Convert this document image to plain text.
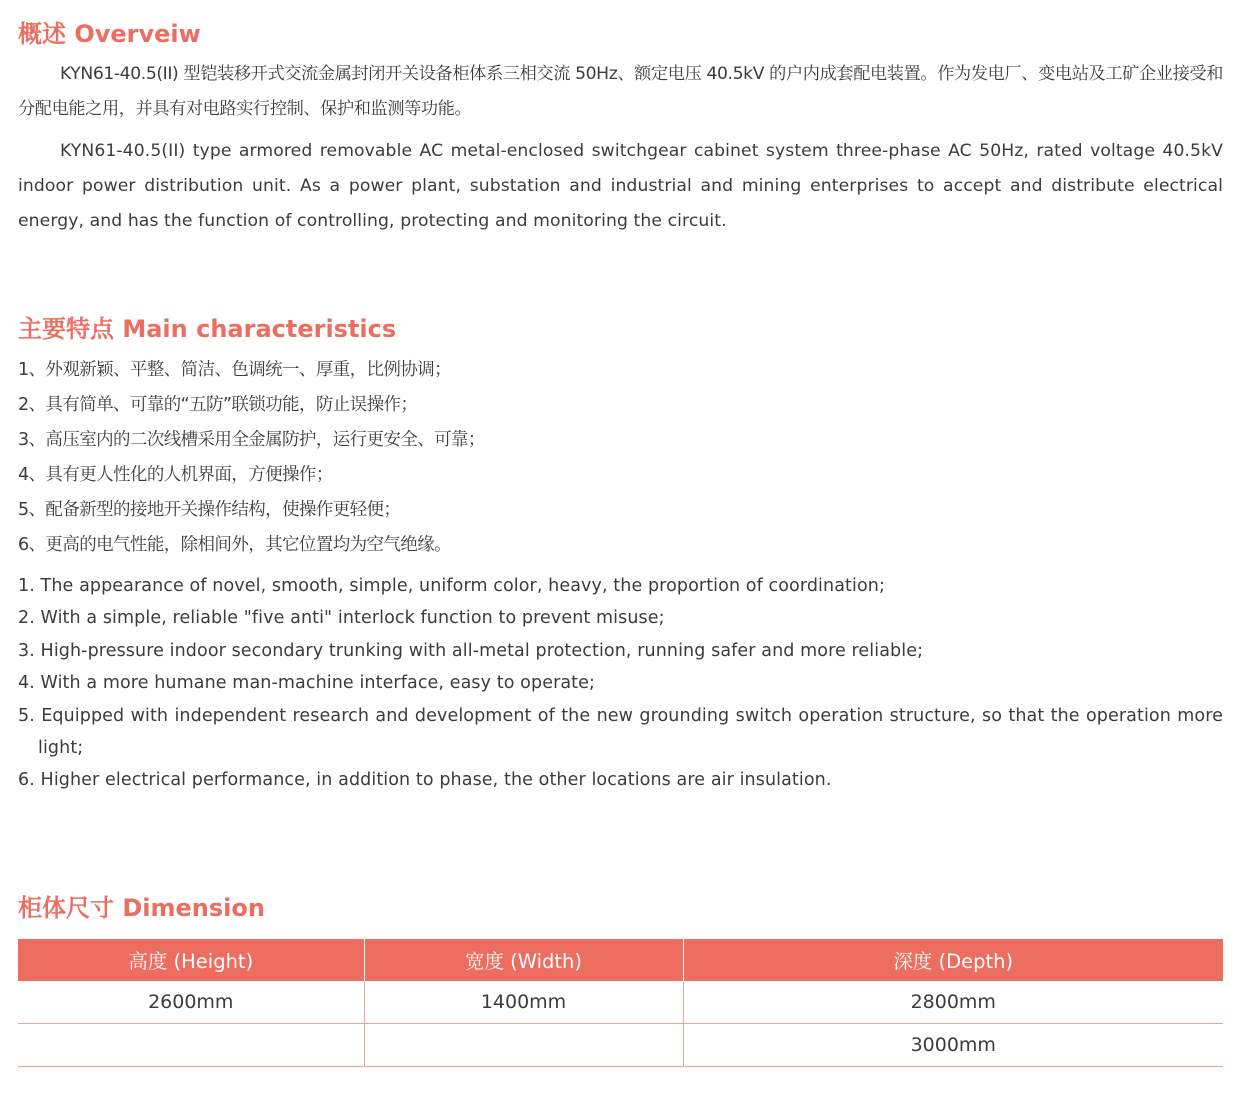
概述 Overveiw

KYN61-40.5(II) 型铠装移开式交流金属封闭开关设备柜体系三相交流 50Hz、额定电压 40.5kV 的户内成套配电装置。作为发电厂、变电站及工矿企业接受和分配电能之用，并具有对电路实行控制、保护和监测等功能。

KYN61-40.5(II) type armored removable AC metal-enclosed switchgear cabinet system three-phase AC 50Hz, rated voltage 40.5kV indoor power distribution unit. As a power plant, substation and industrial and mining enterprises to accept and distribute electrical energy, and has the function of controlling, protecting and monitoring the circuit.

主要特点 Main characteristics
1、外观新颖、平整、简洁、色调统一、厚重，比例协调；
2、具有简单、可靠的“五防”联锁功能，防止误操作；
3、高压室内的二次线槽采用全金属防护，运行更安全、可靠；
4、具有更人性化的人机界面，方便操作；
5、配备新型的接地开关操作结构，使操作更轻便；
6、更高的电气性能，除相间外，其它位置均为空气绝缘。
1. The appearance of novel, smooth, simple, uniform color, heavy, the proportion of coordination;
2. With a simple, reliable "five anti" interlock function to prevent misuse;
3. High-pressure indoor secondary trunking with all-metal protection, running safer and more reliable;
4. With a more humane man-machine interface, easy to operate;
5. Equipped with independent research and development of the new grounding switch operation structure, so that the operation more light;
6. Higher electrical performance, in addition to phase, the other locations are air insulation.
柜体尺寸 Dimension
高度 (Height)	宽度 (Width)	深度 (Depth)
2600mm	1400mm	2800mm
		3000mm
